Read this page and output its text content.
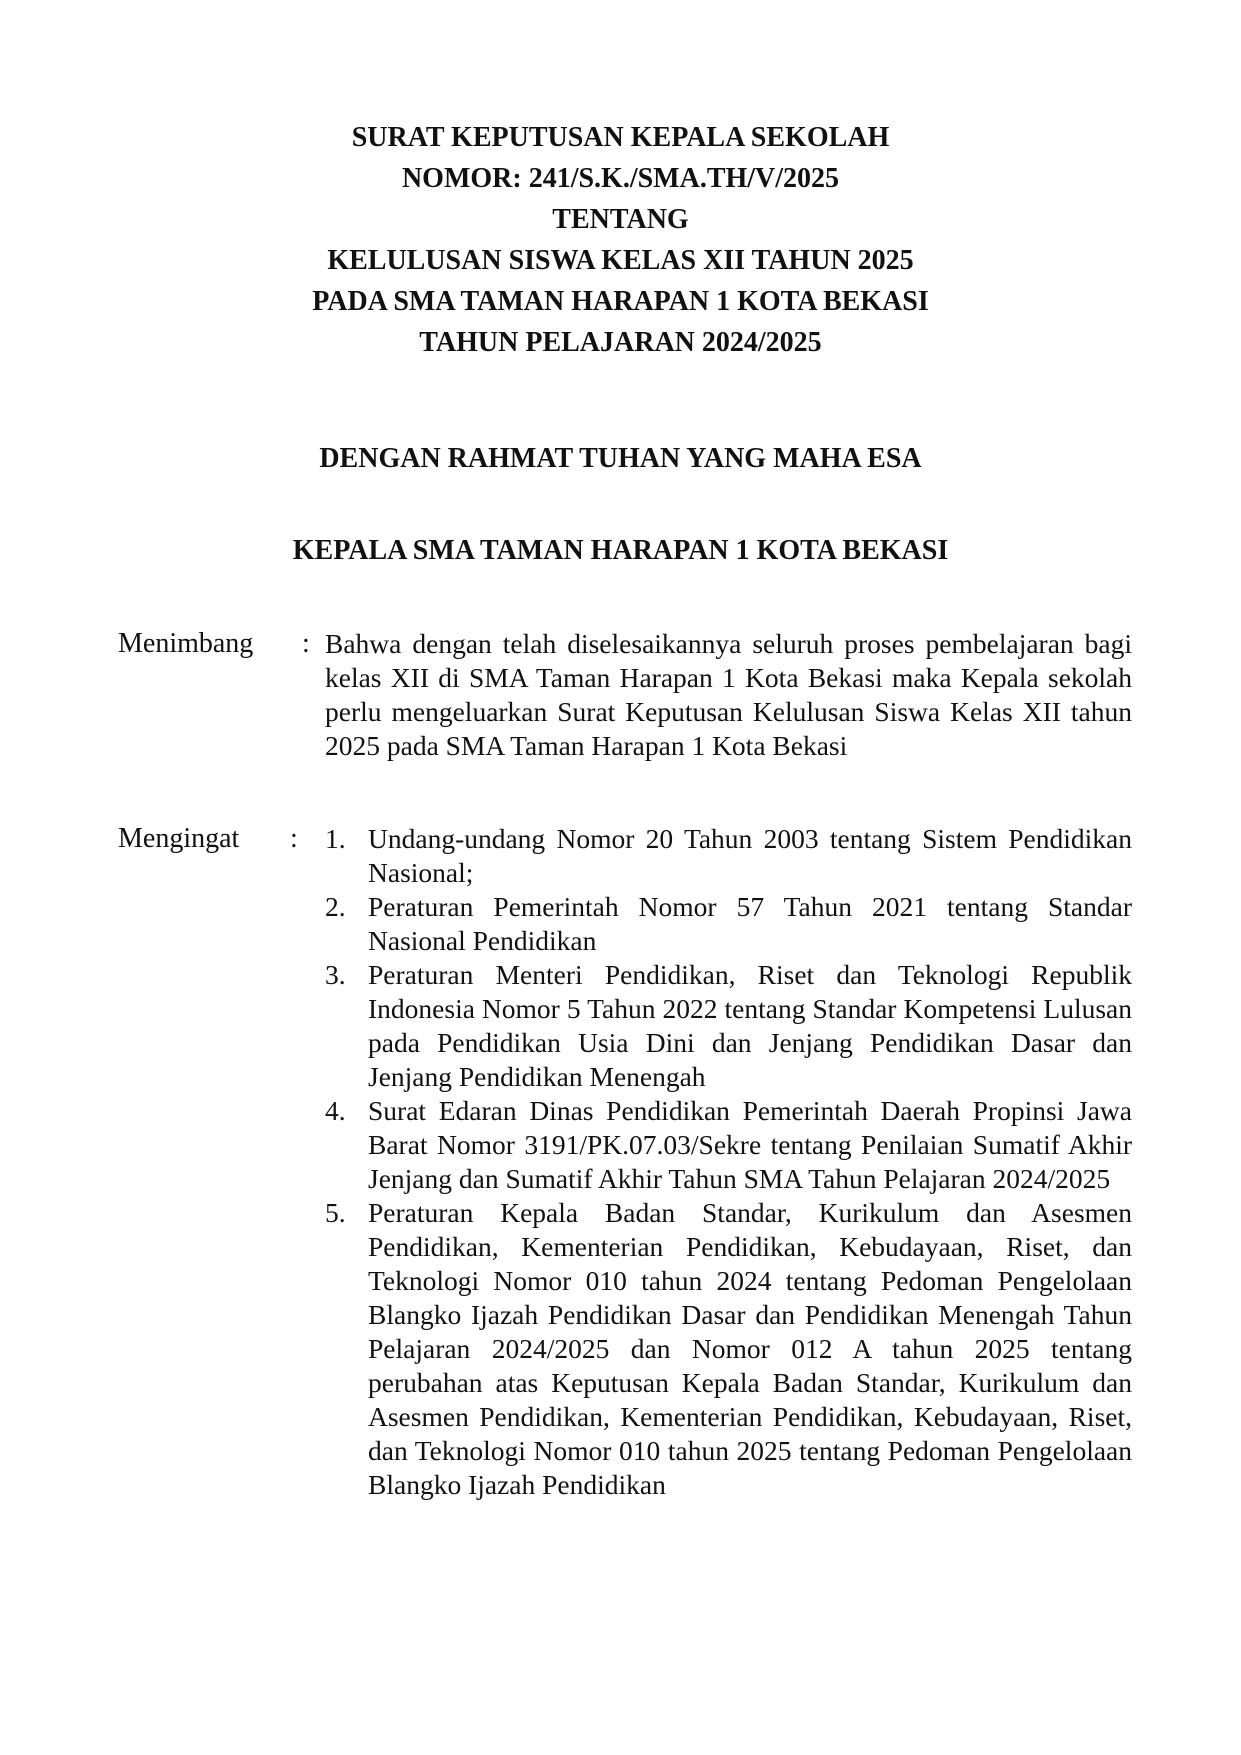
SURAT KEPUTUSAN KEPALA SEKOLAH
NOMOR: 241/S.K./SMA.TH/V/2025
TENTANG
KELULUSAN SISWA KELAS XII TAHUN 2025
PADA SMA TAMAN HARAPAN 1 KOTA BEKASI
TAHUN PELAJARAN 2024/2025
DENGAN RAHMAT TUHAN YANG MAHA ESA
KEPALA SMA TAMAN HARAPAN 1 KOTA BEKASI
Menimbang : Bahwa dengan telah diselesaikannya seluruh proses pembelajaran bagi kelas XII di SMA Taman Harapan 1 Kota Bekasi maka Kepala sekolah perlu mengeluarkan Surat Keputusan Kelulusan Siswa Kelas XII tahun 2025 pada SMA Taman Harapan 1 Kota Bekasi
Mengingat : 1. Undang-undang Nomor 20 Tahun 2003 tentang Sistem Pendidikan Nasional;
2. Peraturan Pemerintah Nomor 57 Tahun 2021 tentang Standar Nasional Pendidikan
3. Peraturan Menteri Pendidikan, Riset dan Teknologi Republik Indonesia Nomor 5 Tahun 2022 tentang Standar Kompetensi Lulusan pada Pendidikan Usia Dini dan Jenjang Pendidikan Dasar dan Jenjang Pendidikan Menengah
4. Surat Edaran Dinas Pendidikan Pemerintah Daerah Propinsi Jawa Barat Nomor 3191/PK.07.03/Sekre tentang Penilaian Sumatif Akhir Jenjang dan Sumatif Akhir Tahun SMA Tahun Pelajaran 2024/2025
5. Peraturan Kepala Badan Standar, Kurikulum dan Asesmen Pendidikan, Kementerian Pendidikan, Kebudayaan, Riset, dan Teknologi Nomor 010 tahun 2024 tentang Pedoman Pengelolaan Blangko Ijazah Pendidikan Dasar dan Pendidikan Menengah Tahun Pelajaran 2024/2025 dan Nomor 012 A tahun 2025 tentang perubahan atas Keputusan Kepala Badan Standar, Kurikulum dan Asesmen Pendidikan, Kementerian Pendidikan, Kebudayaan, Riset, dan Teknologi Nomor 010 tahun 2025 tentang Pedoman Pengelolaan Blangko Ijazah Pendidikan
